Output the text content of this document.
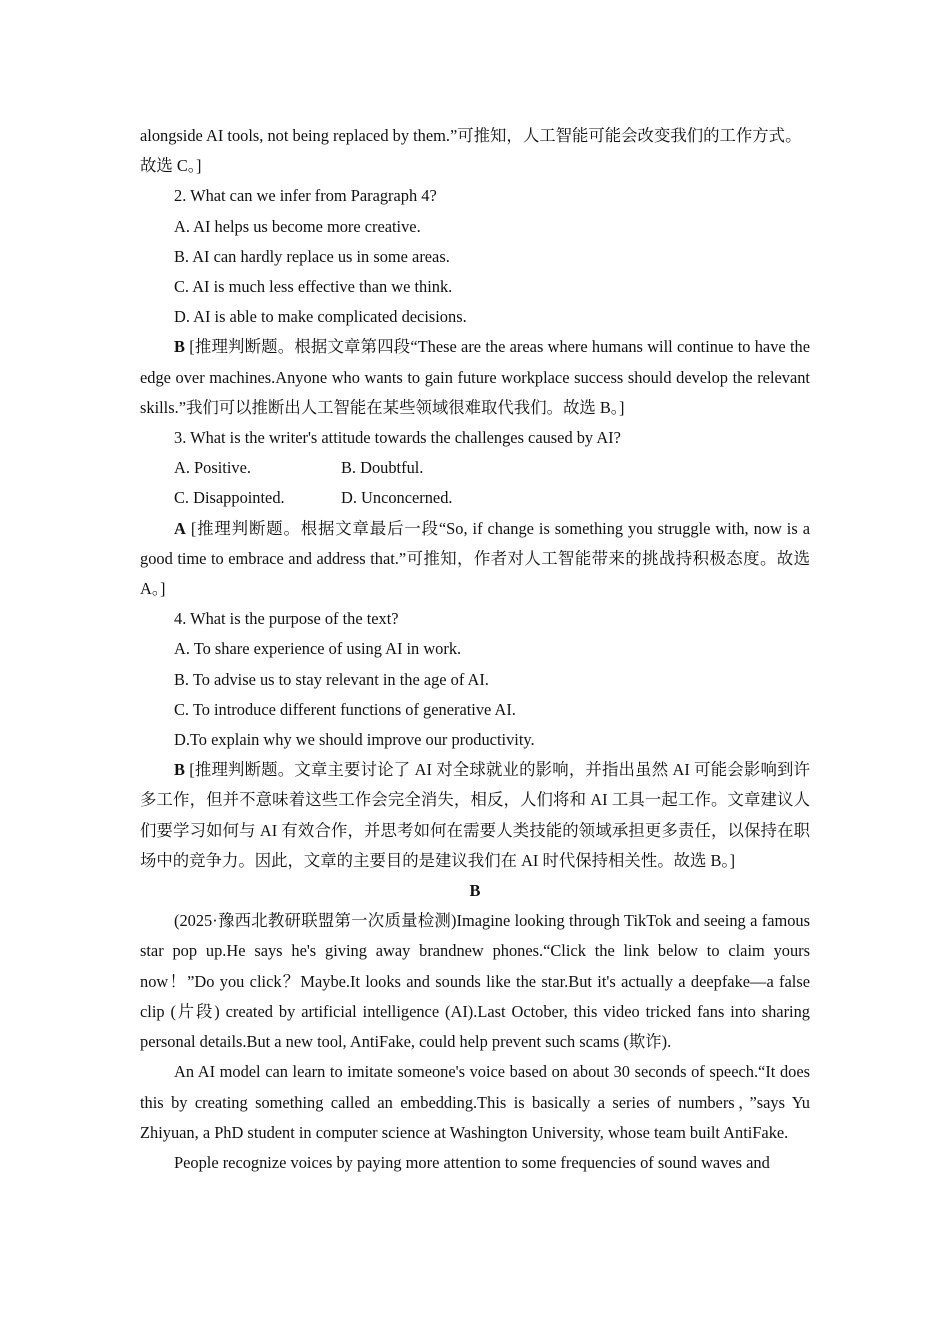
alongside AI tools, not being replaced by them.”可推知，人工智能可能会改变我们的工作方式。

故选 C。]

2. What can we infer from Paragraph 4?

A. AI helps us become more creative.

B. AI can hardly replace us in some areas.

C. AI is much less effective than we think.

D. AI is able to make complicated decisions.

B [推理判断题。根据文章第四段“These are the areas where humans will continue to have the edge over machines.Anyone who wants to gain future workplace success should develop the relevant skills.”我们可以推断出人工智能在某些领域很难取代我们。故选 B。]

3. What is the writer's attitude towards the challenges caused by AI?

A. Positive.	B. Doubtful.

C. Disappointed.	D. Unconcerned.

A [推理判断题。根据文章最后一段“So, if change is something you struggle with, now is a good time to embrace and address that.”可推知，作者对人工智能带来的挑战持积极态度。故选 A。]

4. What is the purpose of the text?

A. To share experience of using AI in work.

B. To advise us to stay relevant in the age of AI.

C. To introduce different functions of generative AI.

D.To explain why we should improve our productivity.

B [推理判断题。文章主要讨论了 AI 对全球就业的影响，并指出虽然 AI 可能会影响到许多工作，但并不意味着这些工作会完全消失，相反，人们将和 AI 工具一起工作。文章建议人们要学习如何与 AI 有效合作，并思考如何在需要人类技能的领域承担更多责任，以保持在职场中的竞争力。因此，文章的主要目的是建议我们在 AI 时代保持相关性。故选 B。]

B

(2025·豫西北教研联盟第一次质量检测)Imagine looking through TikTok and seeing a famous star pop up.He says he's giving away brandnew phones.“Click the link below to claim yours now！”Do you click？Maybe.It looks and sounds like the star.But it's actually a deepfake—a false clip (片段) created by artificial intelligence (AI).Last October, this video tricked fans into sharing personal details.But a new tool, AntiFake, could help prevent such scams (欺诈).

An AI model can learn to imitate someone's voice based on about 30 seconds of speech.“It does this by creating something called an embedding.This is basically a series of numbers，”says Yu Zhiyuan, a PhD student in computer science at Washington University, whose team built AntiFake.

People recognize voices by paying more attention to some frequencies of sound waves and
